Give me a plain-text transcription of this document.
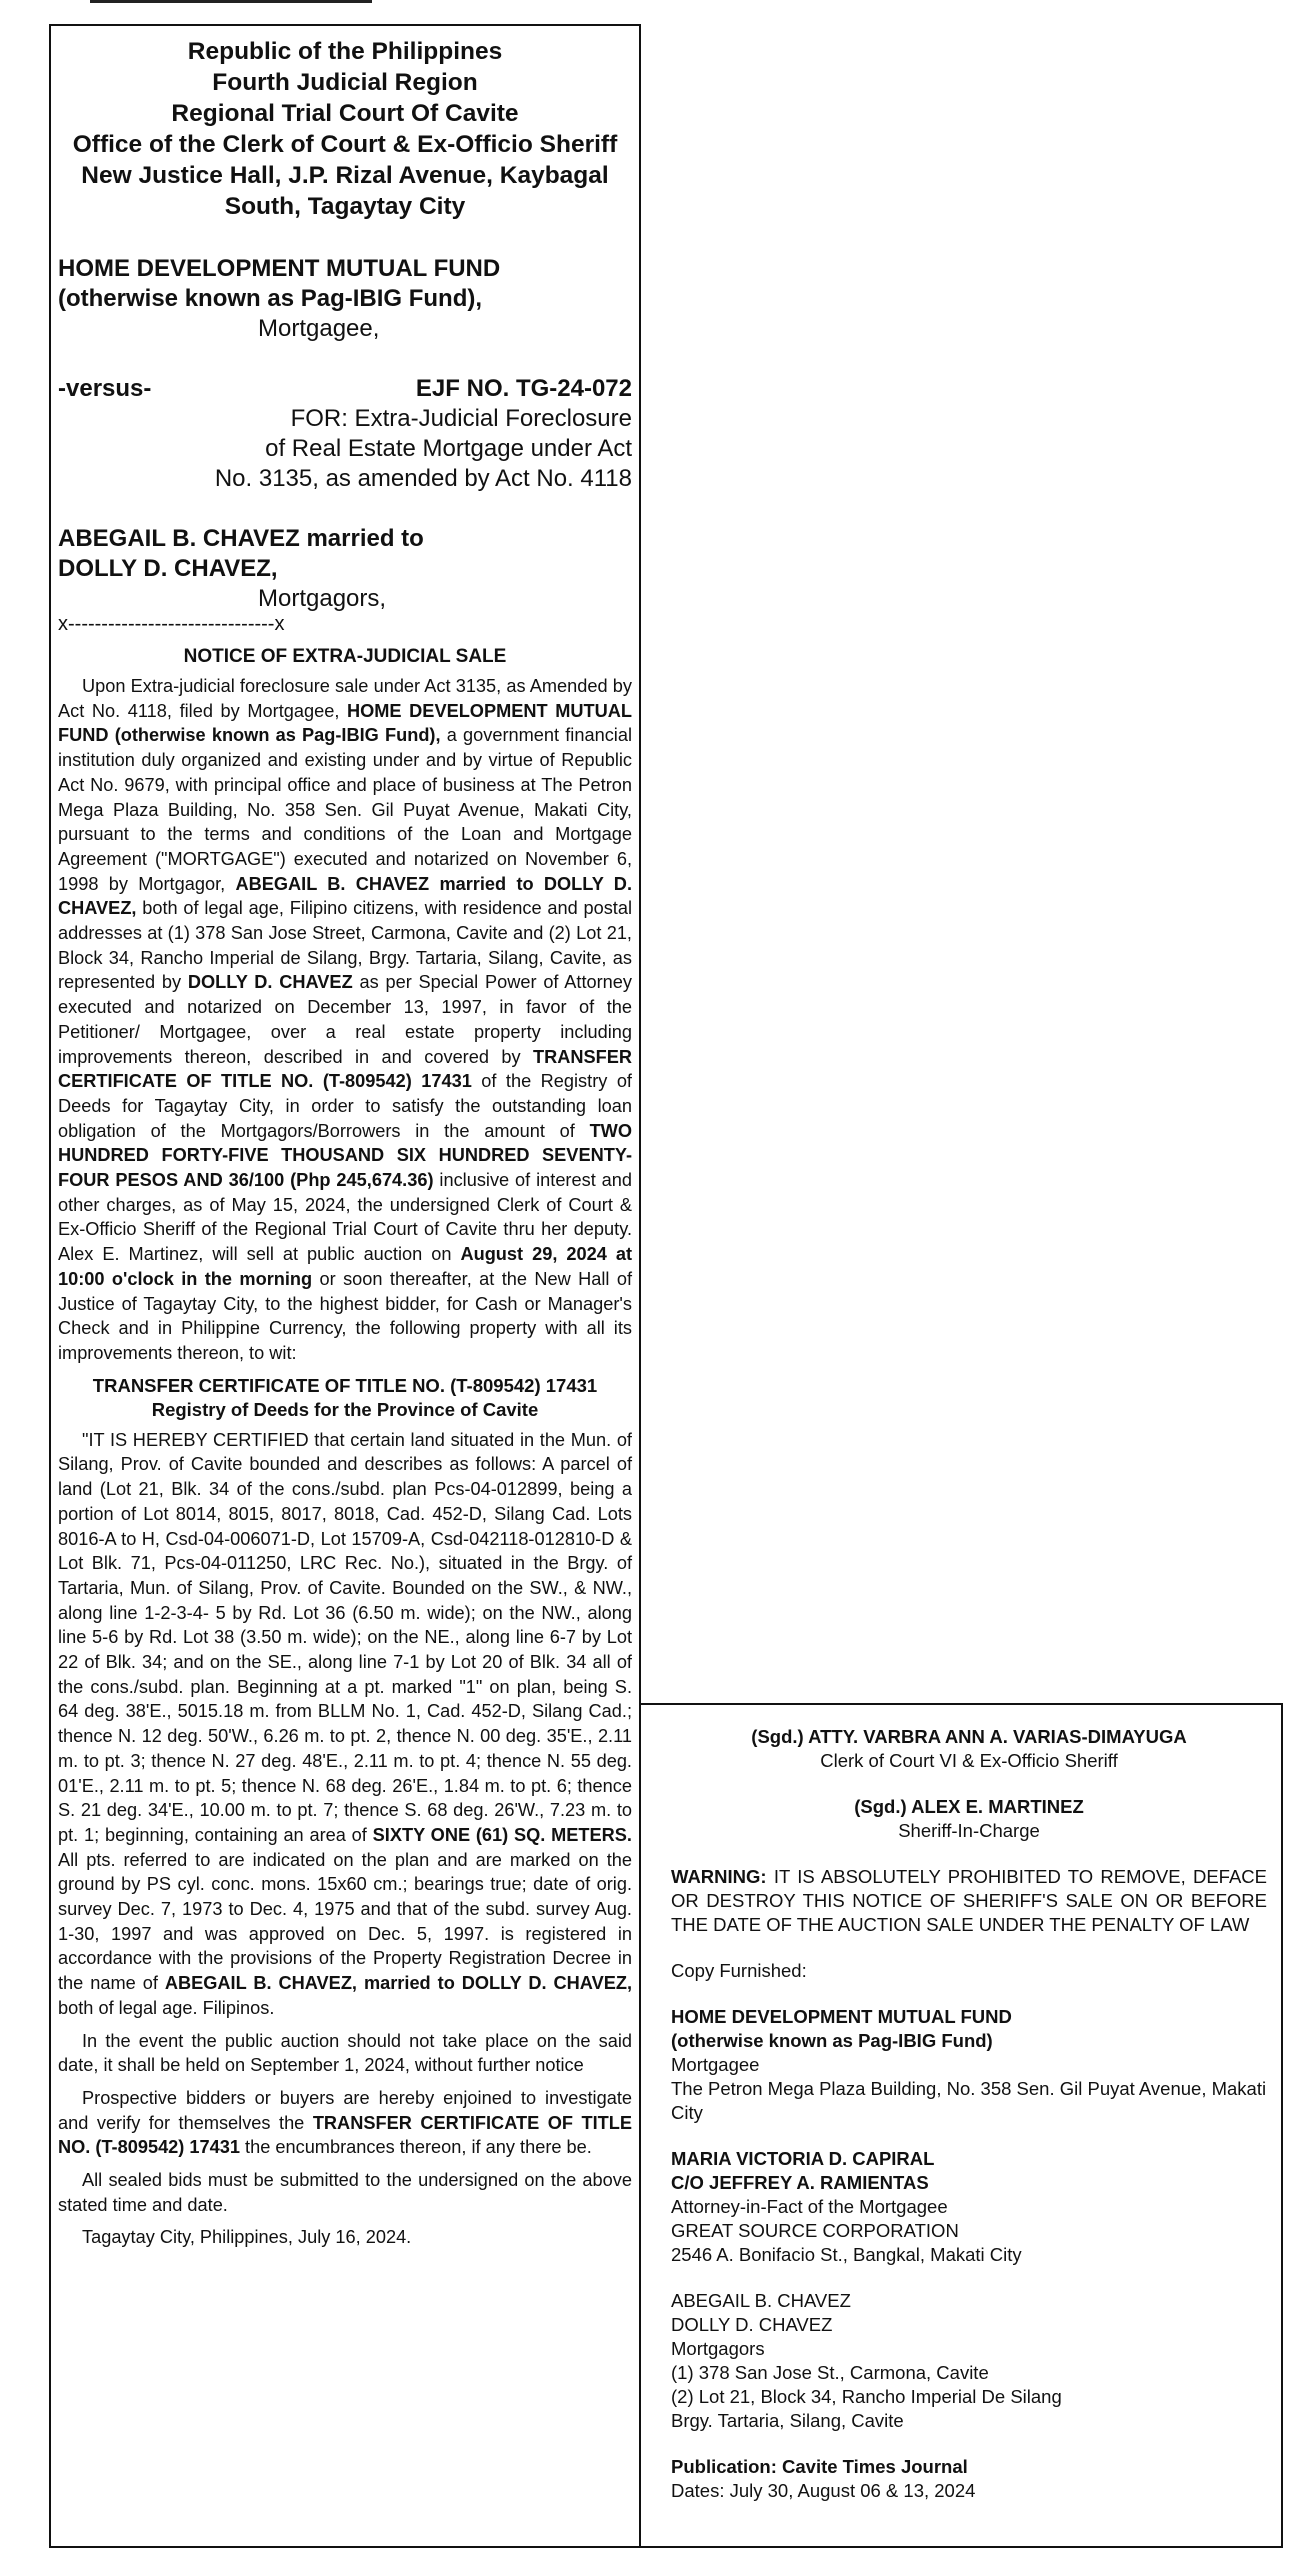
Republic of the Philippines

Fourth Judicial Region

Regional Trial Court Of Cavite

Office of the Clerk of Court & Ex-Officio Sheriff

New Justice Hall, J.P. Rizal Avenue, Kaybagal

South, Tagaytay City

HOME DEVELOPMENT MUTUAL FUND
(otherwise known as Pag-IBIG Fund),
Mortgagee,
-versus-	EJF NO. TG-24-072
FOR: Extra-Judicial Foreclosure
of Real Estate Mortgage under Act
No. 3135, as amended by Act No. 4118
ABEGAIL B. CHAVEZ married to
DOLLY D. CHAVEZ,
Mortgagors,
x-------------------------------x
NOTICE OF EXTRA-JUDICIAL SALE

Upon Extra-judicial foreclosure sale under Act 3135, as Amended by Act No. 4118, filed by Mortgagee, HOME DEVELOPMENT MUTUAL FUND (otherwise known as Pag-IBIG Fund), a government financial institution duly organized and existing under and by virtue of Republic Act No. 9679, with principal office and place of business at The Petron Mega Plaza Building, No. 358 Sen. Gil Puyat Avenue, Makati City, pursuant to the terms and conditions of the Loan and Mortgage Agreement ("MORTGAGE") executed and notarized on November 6, 1998 by Mortgagor, ABEGAIL B. CHAVEZ married to DOLLY D. CHAVEZ, both of legal age, Filipino citizens, with residence and postal addresses at (1) 378 San Jose Street, Carmona, Cavite and (2) Lot 21, Block 34, Rancho Imperial de Silang, Brgy. Tartaria, Silang, Cavite, as represented by DOLLY D. CHAVEZ as per Special Power of Attorney executed and notarized on December 13, 1997, in favor of the Petitioner/ Mortgagee, over a real estate property including improvements thereon, described in and covered by TRANSFER CERTIFICATE OF TITLE NO. (T-809542) 17431 of the Registry of Deeds for Tagaytay City, in order to satisfy the outstanding loan obligation of the Mortgagors/Borrowers in the amount of TWO HUNDRED FORTY-FIVE THOUSAND SIX HUNDRED SEVENTY-FOUR PESOS AND 36/100 (Php 245,674.36) inclusive of interest and other charges, as of May 15, 2024, the undersigned Clerk of Court & Ex-Officio Sheriff of the Regional Trial Court of Cavite thru her deputy. Alex E. Martinez, will sell at public auction on August 29, 2024 at 10:00 o'clock in the morning or soon thereafter, at the New Hall of Justice of Tagaytay City, to the highest bidder, for Cash or Manager's Check and in Philippine Currency, the following property with all its improvements thereon, to wit:

TRANSFER CERTIFICATE OF TITLE NO. (T-809542) 17431
Registry of Deeds for the Province of Cavite

"IT IS HEREBY CERTIFIED that certain land situated in the Mun. of Silang, Prov. of Cavite bounded and describes as follows: A parcel of land (Lot 21, Blk. 34 of the cons./subd. plan Pcs-04-012899, being a portion of Lot 8014, 8015, 8017, 8018, Cad. 452-D, Silang Cad. Lots 8016-A to H, Csd-04-006071-D, Lot 15709-A, Csd-042118-012810-D & Lot Blk. 71, Pcs-04-011250, LRC Rec. No.), situated in the Brgy. of Tartaria, Mun. of Silang, Prov. of Cavite. Bounded on the SW., & NW., along line 1-2-3-4- 5 by Rd. Lot 36 (6.50 m. wide); on the NW., along line 5-6 by Rd. Lot 38 (3.50 m. wide); on the NE., along line 6-7 by Lot 22 of Blk. 34; and on the SE., along line 7-1 by Lot 20 of Blk. 34 all of the cons./subd. plan. Beginning at a pt. marked "1" on plan, being S. 64 deg. 38'E., 5015.18 m. from BLLM No. 1, Cad. 452-D, Silang Cad.; thence N. 12 deg. 50'W., 6.26 m. to pt. 2, thence N. 00 deg. 35'E., 2.11 m. to pt. 3; thence N. 27 deg. 48'E., 2.11 m. to pt. 4; thence N. 55 deg. 01'E., 2.11 m. to pt. 5; thence N. 68 deg. 26'E., 1.84 m. to pt. 6; thence S. 21 deg. 34'E., 10.00 m. to pt. 7; thence S. 68 deg. 26'W., 7.23 m. to pt. 1; beginning, containing an area of SIXTY ONE (61) SQ. METERS. All pts. referred to are indicated on the plan and are marked on the ground by PS cyl. conc. mons. 15x60 cm.; bearings true; date of orig. survey Dec. 7, 1973 to Dec. 4, 1975 and that of the subd. survey Aug. 1-30, 1997 and was approved on Dec. 5, 1997. is registered in accordance with the provisions of the Property Registration Decree in the name of ABEGAIL B. CHAVEZ, married to DOLLY D. CHAVEZ, both of legal age. Filipinos.

In the event the public auction should not take place on the said date, it shall be held on September 1, 2024, without further notice

Prospective bidders or buyers are hereby enjoined to investigate and verify for themselves the TRANSFER CERTIFICATE OF TITLE NO. (T-809542) 17431 the encumbrances thereon, if any there be.

All sealed bids must be submitted to the undersigned on the above stated time and date.

Tagaytay City, Philippines, July 16, 2024.

(Sgd.) ATTY. VARBRA ANN A. VARIAS-DIMAYUGA
Clerk of Court VI & Ex-Officio Sheriff
(Sgd.) ALEX E. MARTINEZ
Sheriff-In-Charge
WARNING: IT IS ABSOLUTELY PROHIBITED TO REMOVE, DEFACE OR DESTROY THIS NOTICE OF SHERIFF'S SALE ON OR BEFORE THE DATE OF THE AUCTION SALE UNDER THE PENALTY OF LAW
Copy Furnished:
HOME DEVELOPMENT MUTUAL FUND
(otherwise known as Pag-IBIG Fund)
Mortgagee
The Petron Mega Plaza Building, No. 358 Sen. Gil Puyat Avenue, Makati City
MARIA VICTORIA D. CAPIRAL
C/O JEFFREY A. RAMIENTAS
Attorney-in-Fact of the Mortgagee
GREAT SOURCE CORPORATION
2546 A. Bonifacio St., Bangkal, Makati City
ABEGAIL B. CHAVEZ
DOLLY D. CHAVEZ
Mortgagors
(1) 378 San Jose St., Carmona, Cavite
(2) Lot 21, Block 34, Rancho Imperial De Silang
Brgy. Tartaria, Silang, Cavite
Publication: Cavite Times Journal
Dates: July 30, August 06 & 13, 2024
